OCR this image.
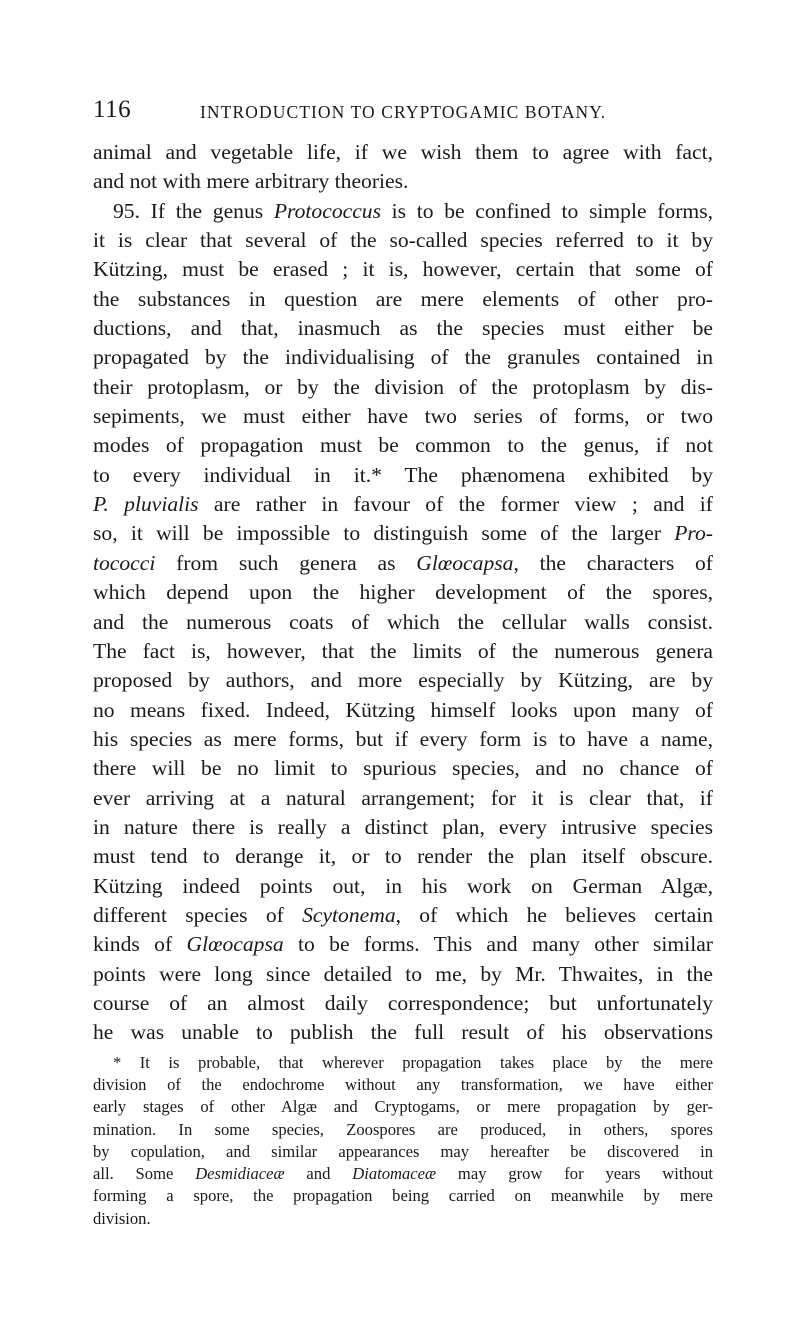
116	INTRODUCTION TO CRYPTOGAMIC BOTANY.
animal and vegetable life, if we wish them to agree with fact,
and not with mere arbitrary theories.
95. If the genus Protococcus is to be confined to simple forms,
it is clear that several of the so-called species referred to it by
Kützing, must be erased ; it is, however, certain that some of
the substances in question are mere elements of other pro-
ductions, and that, inasmuch as the species must either be
propagated by the individualising of the granules contained in
their protoplasm, or by the division of the protoplasm by dis-
sepiments, we must either have two series of forms, or two
modes of propagation must be common to the genus, if not
to every individual in it.* The phænomena exhibited by
P. pluvialis are rather in favour of the former view ; and if
so, it will be impossible to distinguish some of the larger Pro-
tococci from such genera as Glœocapsa, the characters of
which depend upon the higher development of the spores,
and the numerous coats of which the cellular walls consist.
The fact is, however, that the limits of the numerous genera
proposed by authors, and more especially by Kützing, are by
no means fixed. Indeed, Kützing himself looks upon many of
his species as mere forms, but if every form is to have a name,
there will be no limit to spurious species, and no chance of
ever arriving at a natural arrangement; for it is clear that, if
in nature there is really a distinct plan, every intrusive species
must tend to derange it, or to render the plan itself obscure.
Kützing indeed points out, in his work on German Algæ,
different species of Scytonema, of which he believes certain
kinds of Glœocapsa to be forms. This and many other similar
points were long since detailed to me, by Mr. Thwaites, in the
course of an almost daily correspondence; but unfortunately
he was unable to publish the full result of his observations
* It is probable, that wherever propagation takes place by the mere
division of the endochrome without any transformation, we have either
early stages of other Algæ and Cryptogams, or mere propagation by ger-
mination. In some species, Zoospores are produced, in others, spores
by copulation, and similar appearances may hereafter be discovered in
all. Some Desmidiaceæ and Diatomaceæ may grow for years without
forming a spore, the propagation being carried on meanwhile by mere
division.
